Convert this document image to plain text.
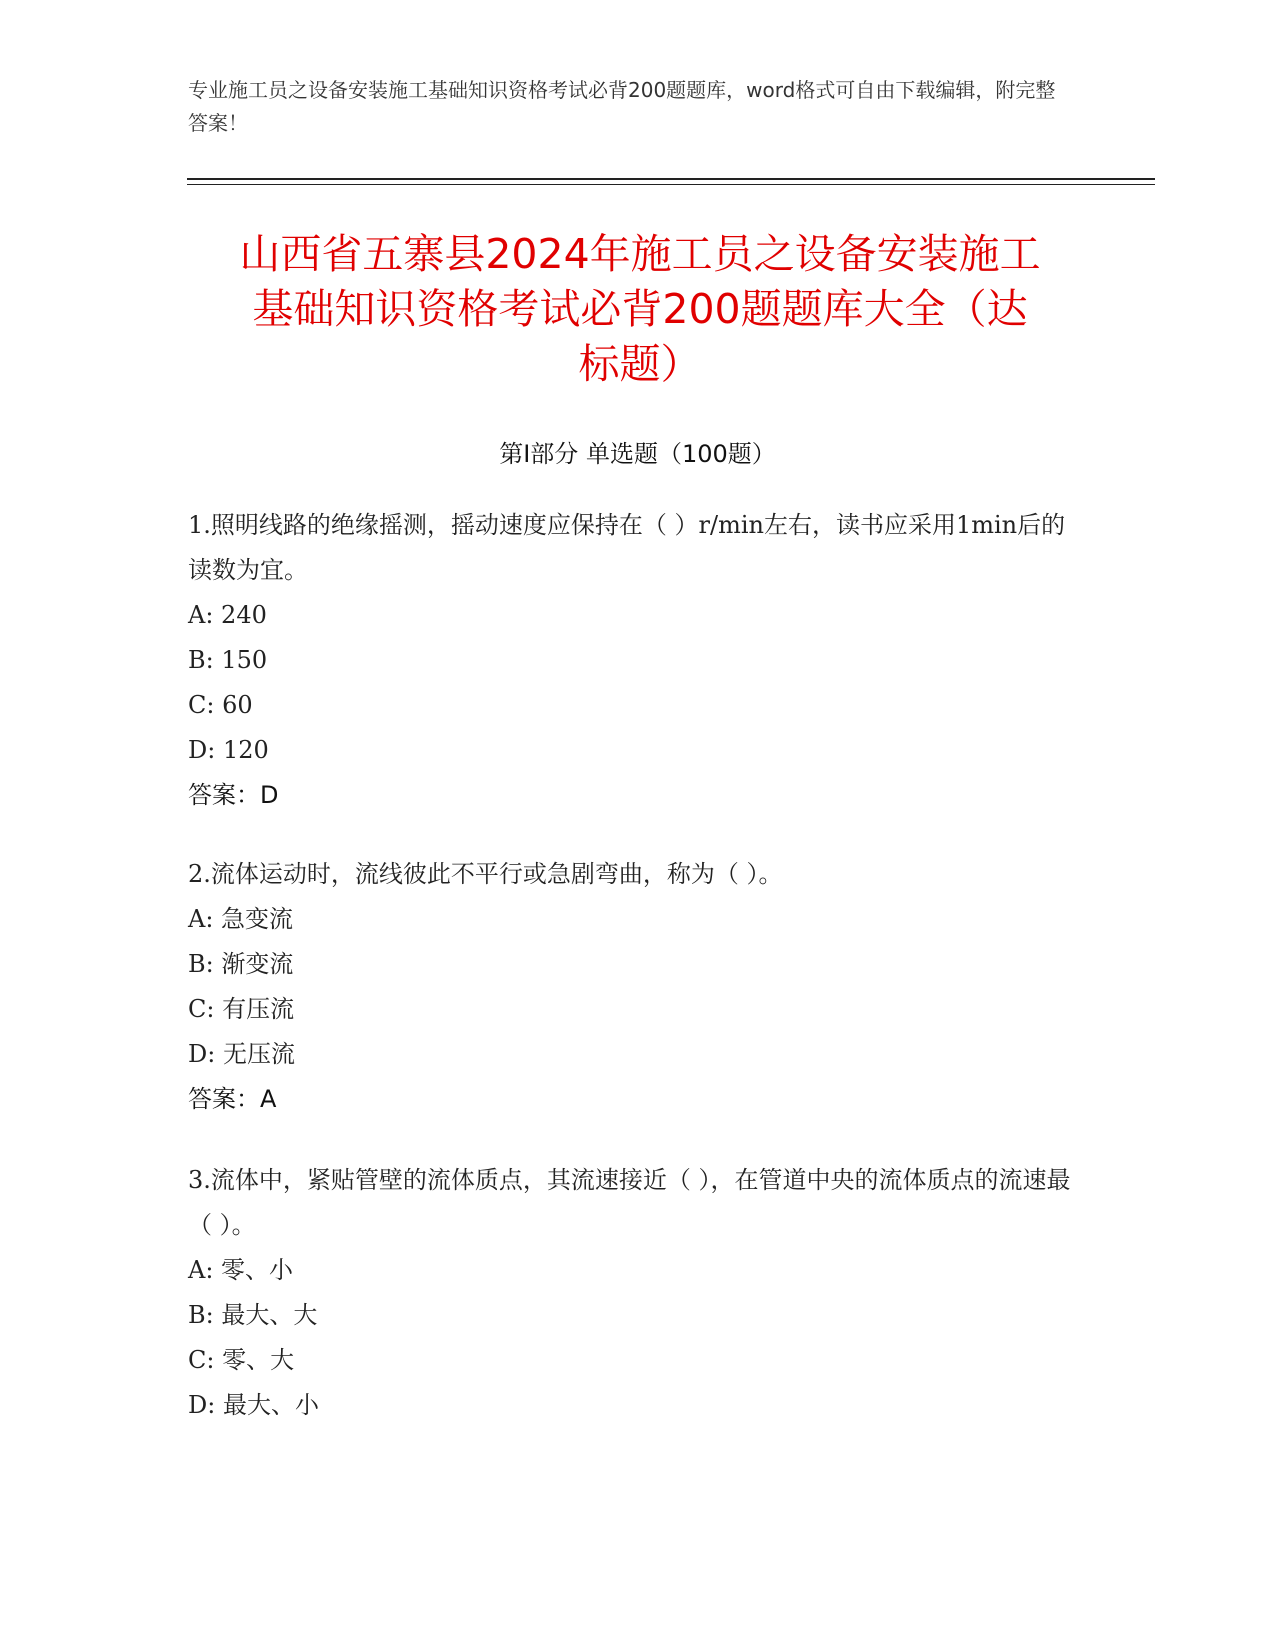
专业施工员之设备安装施工基础知识资格考试必背200题题库，word格式可自由下载编辑，附完整答案！
山西省五寨县2024年施工员之设备安装施工
基础知识资格考试必背200题题库大全（达
标题）
第Ⅰ部分 单选题（100题）

1.照明线路的绝缘摇测，摇动速度应保持在（ ）r/min左右，读书应采用1min后的读数为宜。

A: 240

B: 150

C: 60

D: 120

答案：D

2.流体运动时，流线彼此不平行或急剧弯曲，称为（ ）。

A: 急变流

B: 渐变流

C: 有压流

D: 无压流

答案：A

3.流体中，紧贴管壁的流体质点，其流速接近（ ），在管道中央的流体质点的流速最（ ）。

A: 零、小

B: 最大、大

C: 零、大

D: 最大、小
